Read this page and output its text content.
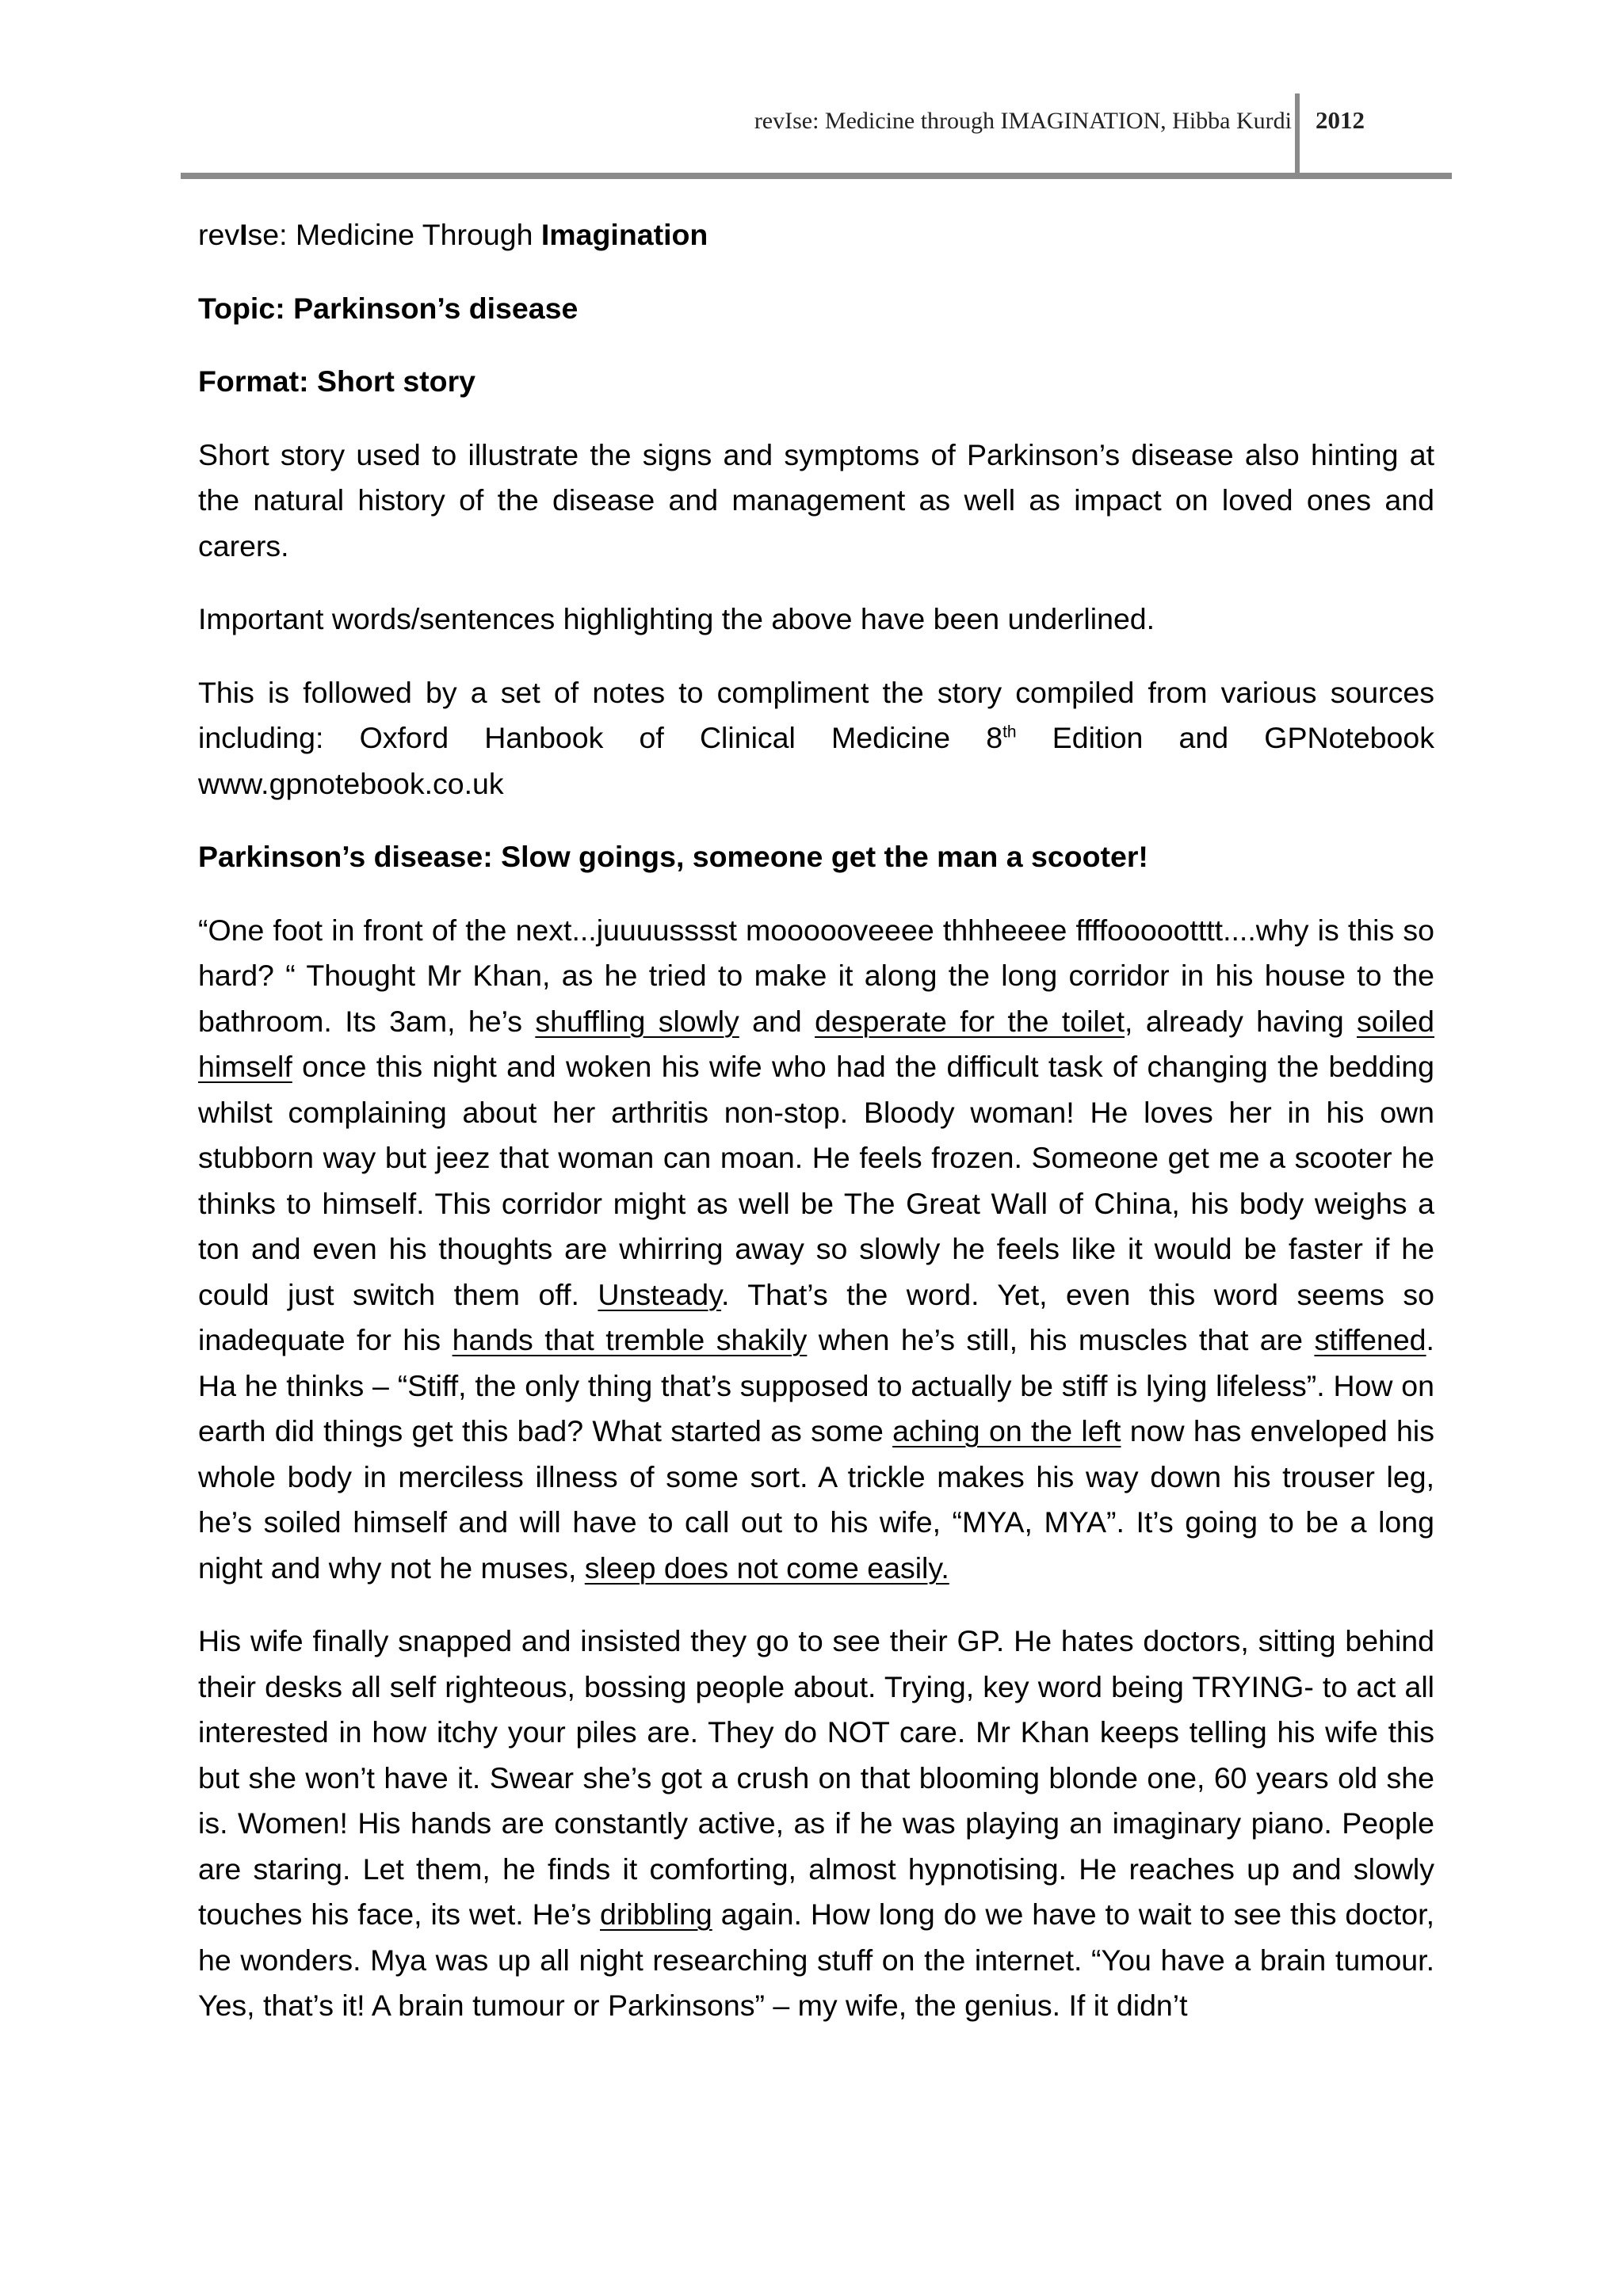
revIse: Medicine through IMAGINATION, Hibba Kurdi 2012

revIse: Medicine Through Imagination

Topic: Parkinson’s disease

Format: Short story

Short story used to illustrate the signs and symptoms of Parkinson’s disease also hinting at the natural history of the disease and management as well as impact on loved ones and carers.

Important words/sentences highlighting the above have been underlined.

This is followed by a set of notes to compliment the story compiled from various sources including: Oxford Hanbook of Clinical Medicine 8th Edition and GPNotebook www.gpnotebook.co.uk

Parkinson’s disease: Slow goings, someone get the man a scooter!

“One foot in front of the next...juuuusssst moooooveeee thhheeee ffffoooootttt....why is this so hard? “ Thought Mr Khan, as he tried to make it along the long corridor in his house to the bathroom. Its 3am, he’s shuffling slowly and desperate for the toilet, already having soiled himself once this night and woken his wife who had the difficult task of changing the bedding whilst complaining about her arthritis non-stop. Bloody woman! He loves her in his own stubborn way but jeez that woman can moan. He feels frozen. Someone get me a scooter he thinks to himself. This corridor might as well be The Great Wall of China, his body weighs a ton and even his thoughts are whirring away so slowly he feels like it would be faster if he could just switch them off. Unsteady. That’s the word. Yet, even this word seems so inadequate for his hands that tremble shakily when he’s still, his muscles that are stiffened. Ha he thinks – “Stiff, the only thing that’s supposed to actually be stiff is lying lifeless”. How on earth did things get this bad? What started as some aching on the left now has enveloped his whole body in merciless illness of some sort. A trickle makes his way down his trouser leg, he’s soiled himself and will have to call out to his wife, “MYA, MYA”. It’s going to be a long night and why not he muses, sleep does not come easily.

His wife finally snapped and insisted they go to see their GP. He hates doctors, sitting behind their desks all self righteous, bossing people about. Trying, key word being TRYING- to act all interested in how itchy your piles are. They do NOT care. Mr Khan keeps telling his wife this but she won’t have it. Swear she’s got a crush on that blooming blonde one, 60 years old she is. Women! His hands are constantly active, as if he was playing an imaginary piano. People are staring. Let them, he finds it comforting, almost hypnotising. He reaches up and slowly touches his face, its wet. He’s dribbling again. How long do we have to wait to see this doctor, he wonders. Mya was up all night researching stuff on the internet. “You have a brain tumour. Yes, that’s it! A brain tumour or Parkinsons” – my wife, the genius. If it didn’t
